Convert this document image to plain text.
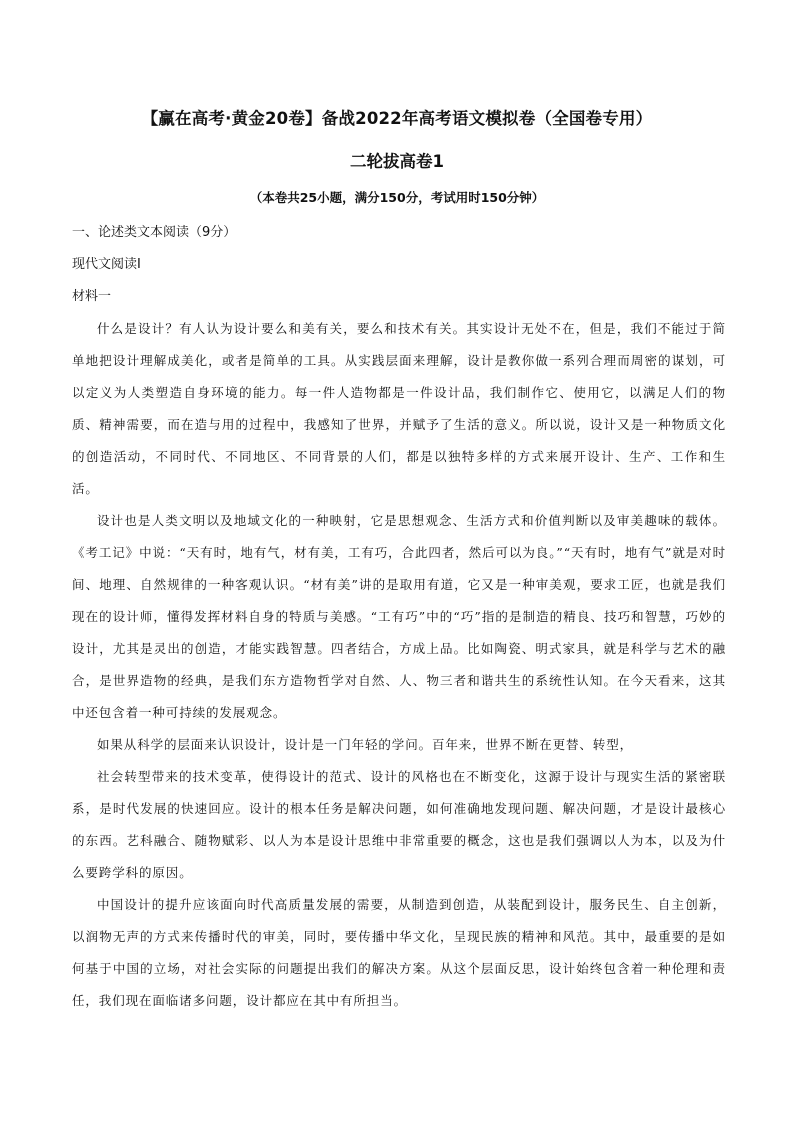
【赢在高考·黄金20卷】备战2022年高考语文模拟卷（全国卷专用）
二轮拔高卷1
（本卷共25小题，满分150分，考试用时150分钟）
一、论述类文本阅读（9分）
现代文阅读Ⅰ
材料一

什么是设计？有人认为设计要么和美有关，要么和技术有关。其实设计无处不在，但是，我们不能过于简单地把设计理解成美化，或者是简单的工具。从实践层面来理解，设计是教你做一系列合理而周密的谋划，可以定义为人类塑造自身环境的能力。每一件人造物都是一件设计品，我们制作它、使用它，以满足人们的物质、精神需要，而在造与用的过程中，我感知了世界，并赋予了生活的意义。所以说，设计又是一种物质文化的创造活动，不同时代、不同地区、不同背景的人们，都是以独特多样的方式来展开设计、生产、工作和生活。

设计也是人类文明以及地域文化的一种映射，它是思想观念、生活方式和价值判断以及审美趣味的载体。《考工记》中说：“天有时，地有气，材有美，工有巧，合此四者，然后可以为良。”“天有时，地有气”就是对时间、地理、自然规律的一种客观认识。“材有美”讲的是取用有道，它又是一种审美观，要求工匠，也就是我们现在的设计师，懂得发挥材料自身的特质与美感。“工有巧”中的“巧”指的是制造的精良、技巧和智慧，巧妙的设计，尤其是灵出的创造，才能实践智慧。四者结合，方成上品。比如陶瓷、明式家具，就是科学与艺术的融合，是世界造物的经典，是我们东方造物哲学对自然、人、物三者和谐共生的系统性认知。在今天看来，这其中还包含着一种可持续的发展观念。

如果从科学的层面来认识设计，设计是一门年轻的学问。百年来，世界不断在更替、转型，

社会转型带来的技术变革，使得设计的范式、设计的风格也在不断变化，这源于设计与现实生活的紧密联系，是时代发展的快速回应。设计的根本任务是解决问题，如何准确地发现问题、解决问题，才是设计最核心的东西。艺科融合、随物赋彩、以人为本是设计思维中非常重要的概念，这也是我们强调以人为本，以及为什么要跨学科的原因。

中国设计的提升应该面向时代高质量发展的需要，从制造到创造，从装配到设计，服务民生、自主创新，以润物无声的方式来传播时代的审美，同时，要传播中华文化，呈现民族的精神和风范。其中，最重要的是如何基于中国的立场，对社会实际的问题提出我们的解决方案。从这个层面反思，设计始终包含着一种伦理和责任，我们现在面临诸多问题，设计都应在其中有所担当。
